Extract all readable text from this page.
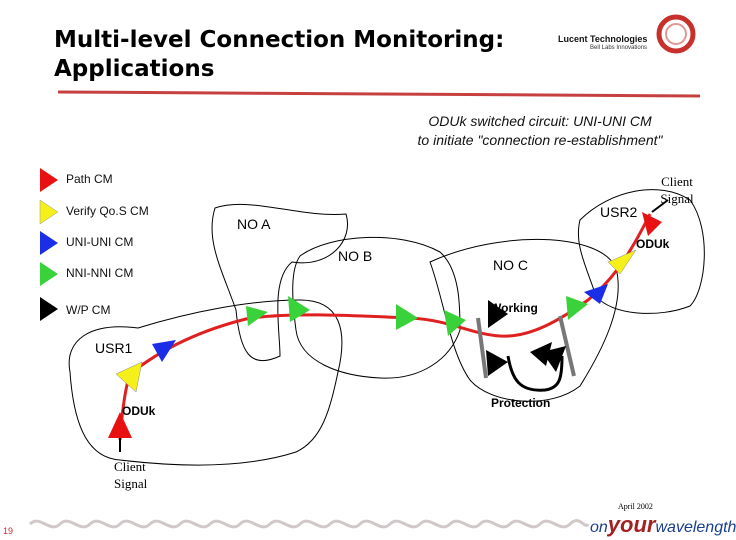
Multi-level Connection Monitoring:
Applications
Lucent Technologies
Bell Labs Innovations
ODUk switched circuit: UNI-UNI CM
to initiate "connection re-establishment"
Path CM
Verify Qo.S CM
UNI-UNI CM
NNI-NNI CM
W/P CM
NO A
NO B
NO C
USR1
USR2
ODUk
ODUk
Client Signal
Client Signal
Working
Protection
April 2002
19	onyourwavelength
